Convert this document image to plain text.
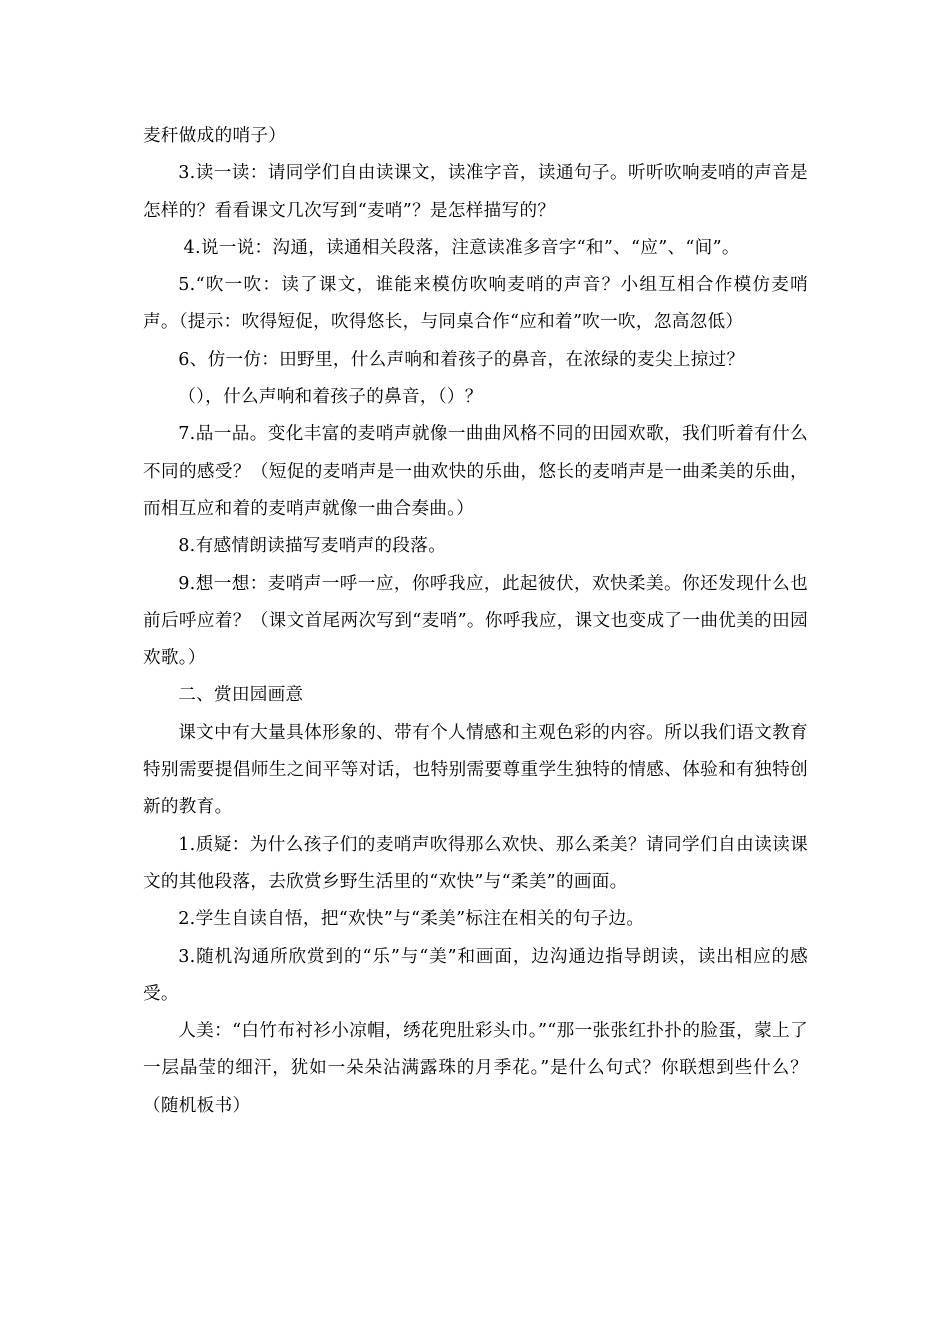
麦秆做成的哨子）

3.读一读：请同学们自由读课文，读准字音，读通句子。听听吹响麦哨的声音是怎样的？看看课文几次写到“麦哨”？是怎样描写的？

4.说一说：沟通，读通相关段落，注意读准多音字“和”、“应”、“间”。

5.“吹一吹：读了课文，谁能来模仿吹响麦哨的声音？小组互相合作模仿麦哨声。（提示：吹得短促，吹得悠长，与同桌合作“应和着”吹一吹，忽高忽低）

6、仿一仿：田野里，什么声响和着孩子的鼻音，在浓绿的麦尖上掠过？

（），什么声响和着孩子的鼻音，（）？

7.品一品。变化丰富的麦哨声就像一曲曲风格不同的田园欢歌，我们听着有什么不同的感受？（短促的麦哨声是一曲欢快的乐曲，悠长的麦哨声是一曲柔美的乐曲，而相互应和着的麦哨声就像一曲合奏曲。）

8.有感情朗读描写麦哨声的段落。

9.想一想：麦哨声一呼一应，你呼我应，此起彼伏，欢快柔美。你还发现什么也前后呼应着？（课文首尾两次写到“麦哨”。你呼我应，课文也变成了一曲优美的田园欢歌。）

二、赏田园画意

课文中有大量具体形象的、带有个人情感和主观色彩的内容。所以我们语文教育特别需要提倡师生之间平等对话，也特别需要尊重学生独特的情感、体验和有独特创新的教育。

1.质疑：为什么孩子们的麦哨声吹得那么欢快、那么柔美？请同学们自由读读课文的其他段落，去欣赏乡野生活里的“欢快”与“柔美”的画面。

2.学生自读自悟，把“欢快”与“柔美”标注在相关的句子边。

3.随机沟通所欣赏到的“乐”与“美”和画面，边沟通边指导朗读，读出相应的感受。

人美：“白竹布衬衫小凉帽，绣花兜肚彩头巾。”“那一张张红扑扑的脸蛋，蒙上了一层晶莹的细汗，犹如一朵朵沾满露珠的月季花。”是什么句式？你联想到些什么？（随机板书）
